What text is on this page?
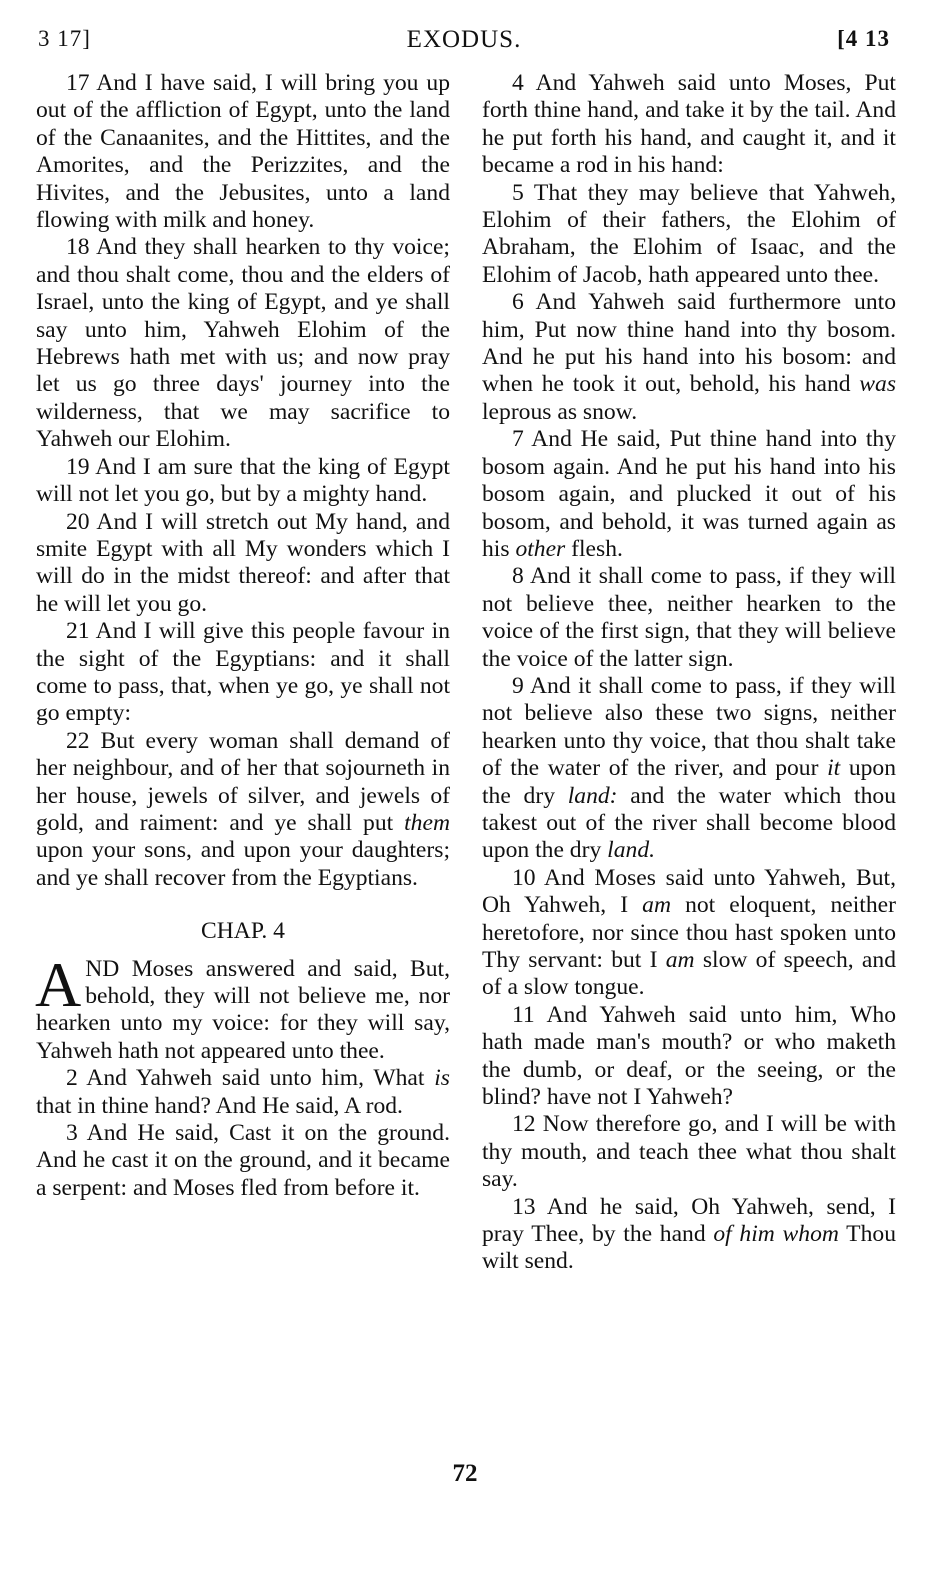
3 17]	EXODUS.	[4 13

17 And I have said, I will bring you up out of the affliction of Egypt, unto the land of the Canaanites, and the Hittites, and the Amorites, and the Perizzites, and the Hivites, and the Jebusites, unto a land flowing with milk and honey.

18 And they shall hearken to thy voice; and thou shalt come, thou and the elders of Israel, unto the king of Egypt, and ye shall say unto him, Yahweh Elohim of the Hebrews hath met with us; and now pray let us go three days' journey into the wilderness, that we may sacrifice to Yahweh our Elohim.

19 And I am sure that the king of Egypt will not let you go, but by a mighty hand.

20 And I will stretch out My hand, and smite Egypt with all My wonders which I will do in the midst thereof: and after that he will let you go.

21 And I will give this people favour in the sight of the Egyptians: and it shall come to pass, that, when ye go, ye shall not go empty:

22 But every woman shall demand of her neighbour, and of her that sojourneth in her house, jewels of silver, and jewels of gold, and raiment: and ye shall put them upon your sons, and upon your daughters; and ye shall recover from the Egyptians.

CHAP. 4

AND Moses answered and said, But, behold, they will not believe me, nor hearken unto my voice: for they will say, Yahweh hath not appeared unto thee.

2 And Yahweh said unto him, What is that in thine hand? And He said, A rod.

3 And He said, Cast it on the ground. And he cast it on the ground, and it became a serpent: and Moses fled from before it.

4 And Yahweh said unto Moses, Put forth thine hand, and take it by the tail. And he put forth his hand, and caught it, and it became a rod in his hand:

5 That they may believe that Yahweh, Elohim of their fathers, the Elohim of Abraham, the Elohim of Isaac, and the Elohim of Jacob, hath appeared unto thee.

6 And Yahweh said furthermore unto him, Put now thine hand into thy bosom. And he put his hand into his bosom: and when he took it out, behold, his hand was leprous as snow.

7 And He said, Put thine hand into thy bosom again. And he put his hand into his bosom again, and plucked it out of his bosom, and behold, it was turned again as his other flesh.

8 And it shall come to pass, if they will not believe thee, neither hearken to the voice of the first sign, that they will believe the voice of the latter sign.

9 And it shall come to pass, if they will not believe also these two signs, neither hearken unto thy voice, that thou shalt take of the water of the river, and pour it upon the dry land: and the water which thou takest out of the river shall become blood upon the dry land.

10 And Moses said unto Yahweh, But, Oh Yahweh, I am not eloquent, neither heretofore, nor since thou hast spoken unto Thy servant: but I am slow of speech, and of a slow tongue.

11 And Yahweh said unto him, Who hath made man's mouth? or who maketh the dumb, or deaf, or the seeing, or the blind? have not I Yahweh?

12 Now therefore go, and I will be with thy mouth, and teach thee what thou shalt say.

13 And he said, Oh Yahweh, send, I pray Thee, by the hand of him whom Thou wilt send.

72
